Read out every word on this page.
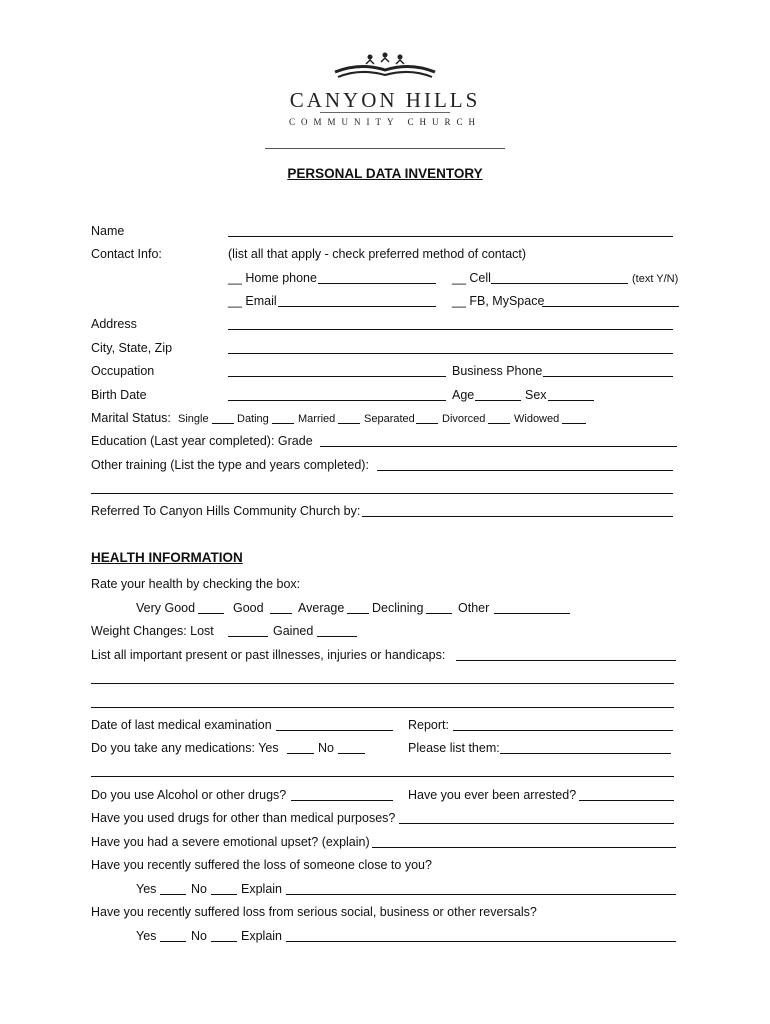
CANYON HILLS
COMMUNITY CHURCH
PERSONAL DATA INVENTORY
Name
Contact Info:	(list all that apply - check preferred method of contact)
__ Home phone	__ Cell	(text Y/N)
__ Email	__ FB, MySpace
Address
City, State, Zip
Occupation	Business Phone
Birth Date	Age	Sex
Marital Status: Single	Dating	Married	Separated Divorced	Widowed
Education (Last year completed): Grade
Other training (List the type and years completed):
Referred To Canyon Hills Community Church by:
HEALTH INFORMATION
Rate your health by checking the box:
Very Good	Good	Average Declining	Other
Weight Changes: Lost	Gained
List all important present or past illnesses, injuries or handicaps:
Date of last medical examination	Report:
Do you take any medications: Yes	No	Please list them:
Do you use Alcohol or other drugs?	Have you ever been arrested?
Have you used drugs for other than medical purposes?
Have you had a severe emotional upset? (explain)
Have you recently suffered the loss of someone close to you?
Yes	No	Explain
Have you recently suffered loss from serious social, business or other reversals?
Yes	No	Explain
